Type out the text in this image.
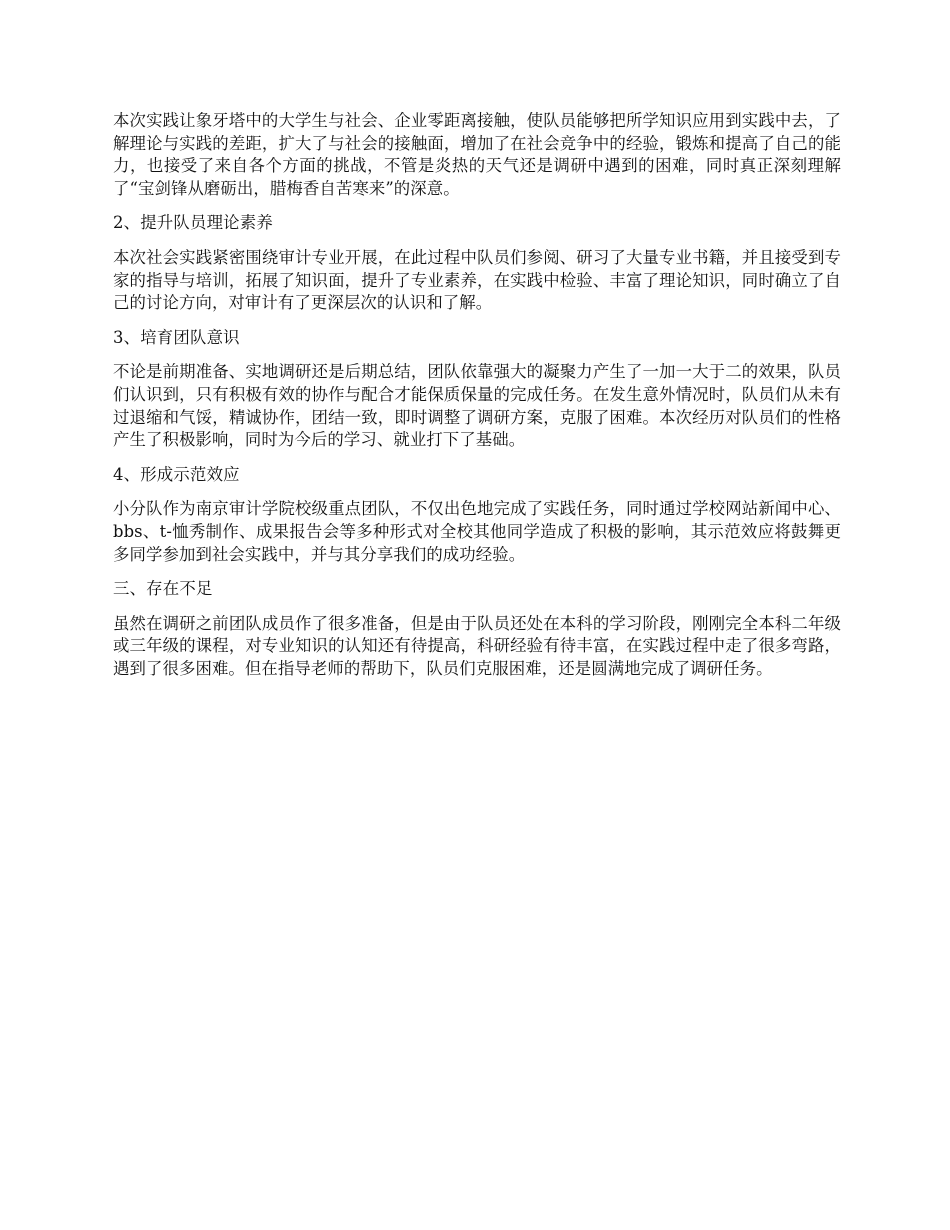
本次实践让象牙塔中的大学生与社会、企业零距离接触，使队员能够把所学知识应用到实践中去，了解理论与实践的差距，扩大了与社会的接触面，增加了在社会竞争中的经验，锻炼和提高了自己的能力，也接受了来自各个方面的挑战，不管是炎热的天气还是调研中遇到的困难，同时真正深刻理解了“宝剑锋从磨砺出，腊梅香自苦寒来”的深意。

2、提升队员理论素养

本次社会实践紧密围绕审计专业开展，在此过程中队员们参阅、研习了大量专业书籍，并且接受到专家的指导与培训，拓展了知识面，提升了专业素养，在实践中检验、丰富了理论知识，同时确立了自己的讨论方向，对审计有了更深层次的认识和了解。

3、培育团队意识

不论是前期准备、实地调研还是后期总结，团队依靠强大的凝聚力产生了一加一大于二的效果，队员们认识到，只有积极有效的协作与配合才能保质保量的完成任务。在发生意外情况时，队员们从未有过退缩和气馁，精诚协作，团结一致，即时调整了调研方案，克服了困难。本次经历对队员们的性格产生了积极影响，同时为今后的学习、就业打下了基础。

4、形成示范效应

小分队作为南京审计学院校级重点团队，不仅出色地完成了实践任务，同时通过学校网站新闻中心、bbs、t-恤秀制作、成果报告会等多种形式对全校其他同学造成了积极的影响，其示范效应将鼓舞更多同学参加到社会实践中，并与其分享我们的成功经验。

三、存在不足

虽然在调研之前团队成员作了很多准备，但是由于队员还处在本科的学习阶段，刚刚完全本科二年级或三年级的课程，对专业知识的认知还有待提高，科研经验有待丰富，在实践过程中走了很多弯路，遇到了很多困难。但在指导老师的帮助下，队员们克服困难，还是圆满地完成了调研任务。
